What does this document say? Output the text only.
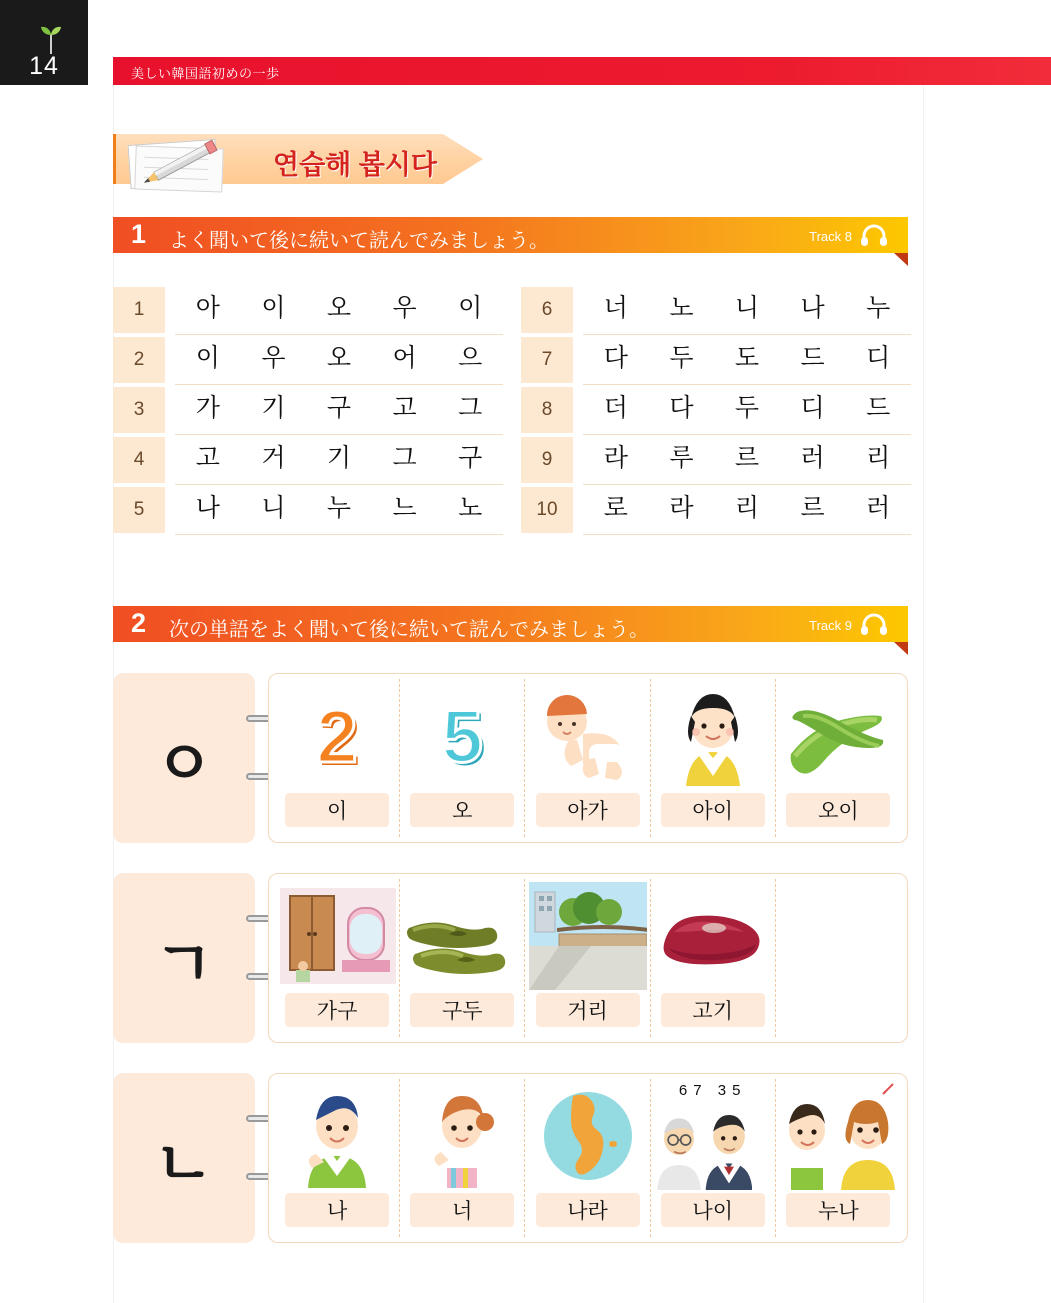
14	美しい韓国語初めの一歩
연습해 봅시다
1 よく聞いて後に続いて読んでみましょう。	Track 8
1	아	이	오	우	이
2	이	우	오	어	으
3	가	기	구	고	그
4	고	거	기	그	구
5	나	니	누	느	노
6	너	노	니	나	누
7	다	두	도	드	디
8	더	다	두	디	드
9	라	루	르	러	리
10	로	라	리	르	러
2 次の単語をよく聞いて後に続いて読んでみましょう。	Track 9
ㅇ	2
이
5
오	아가	아이	오이
ㄱ
가구	구두	거리	고기
ㄴ
나	너	나라
67 35
나이	누나
